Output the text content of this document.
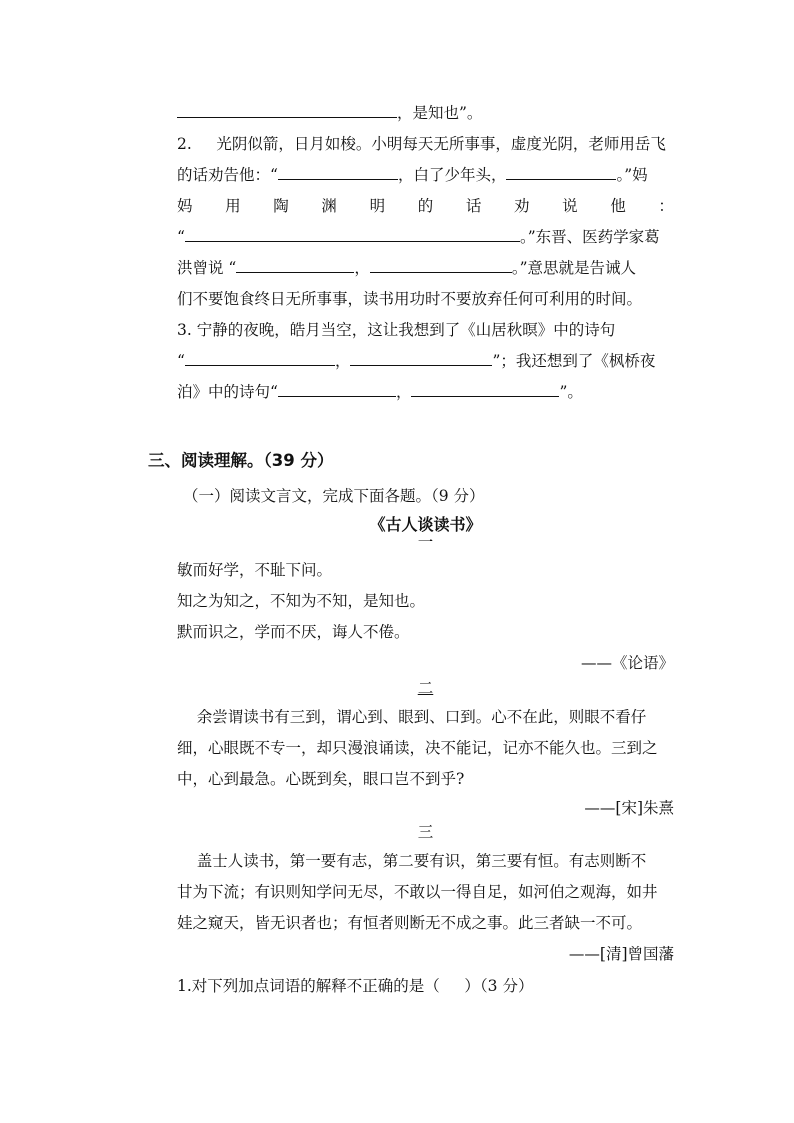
，是知也”。
2.     光阴似箭，日月如梭。小明每天无所事事，虚度光阴，老师用岳飞
的话劝告他：“	，白了少年头，	。”妈
妈 用 陶 渊 明 的 话 劝 说 他 ：
“	。”东晋、医药学家葛
洪曾说 “	，	。”意思就是告诫人
们不要饱食终日无所事事，读书用功时不要放弃任何可利用的时间。
3. 宁静的夜晚，皓月当空，这让我想到了《山居秋暝》中的诗句
“	，	”；我还想到了《枫桥夜
泊》中的诗句“	，	”。
三、阅读理解。（39 分）
（一）阅读文言文，完成下面各题。（9 分）
《古人谈读书》
一
敏而好学，不耻下问。
知之为知之，不知为不知，是知也。
默而识之，学而不厌，诲人不倦。
——《论语》
二
余尝谓读书有三到，谓心到、眼到、口到。心不在此，则眼不看仔
细，心眼既不专一，却只漫浪诵读，决不能记，记亦不能久也。三到之
中，心到最急。心既到矣，眼口岂不到乎?
——[宋]朱熹
三
盖士人读书，第一要有志，第二要有识，第三要有恒。有志则断不
甘为下流；有识则知学问无尽，不敢以一得自足，如河伯之观海，如井
娃之窥天，皆无识者也；有恒者则断无不成之事。此三者缺一不可。
——[清]曾国藩
1.对下列加点词语的解释不正确的是（     ）（3 分）
